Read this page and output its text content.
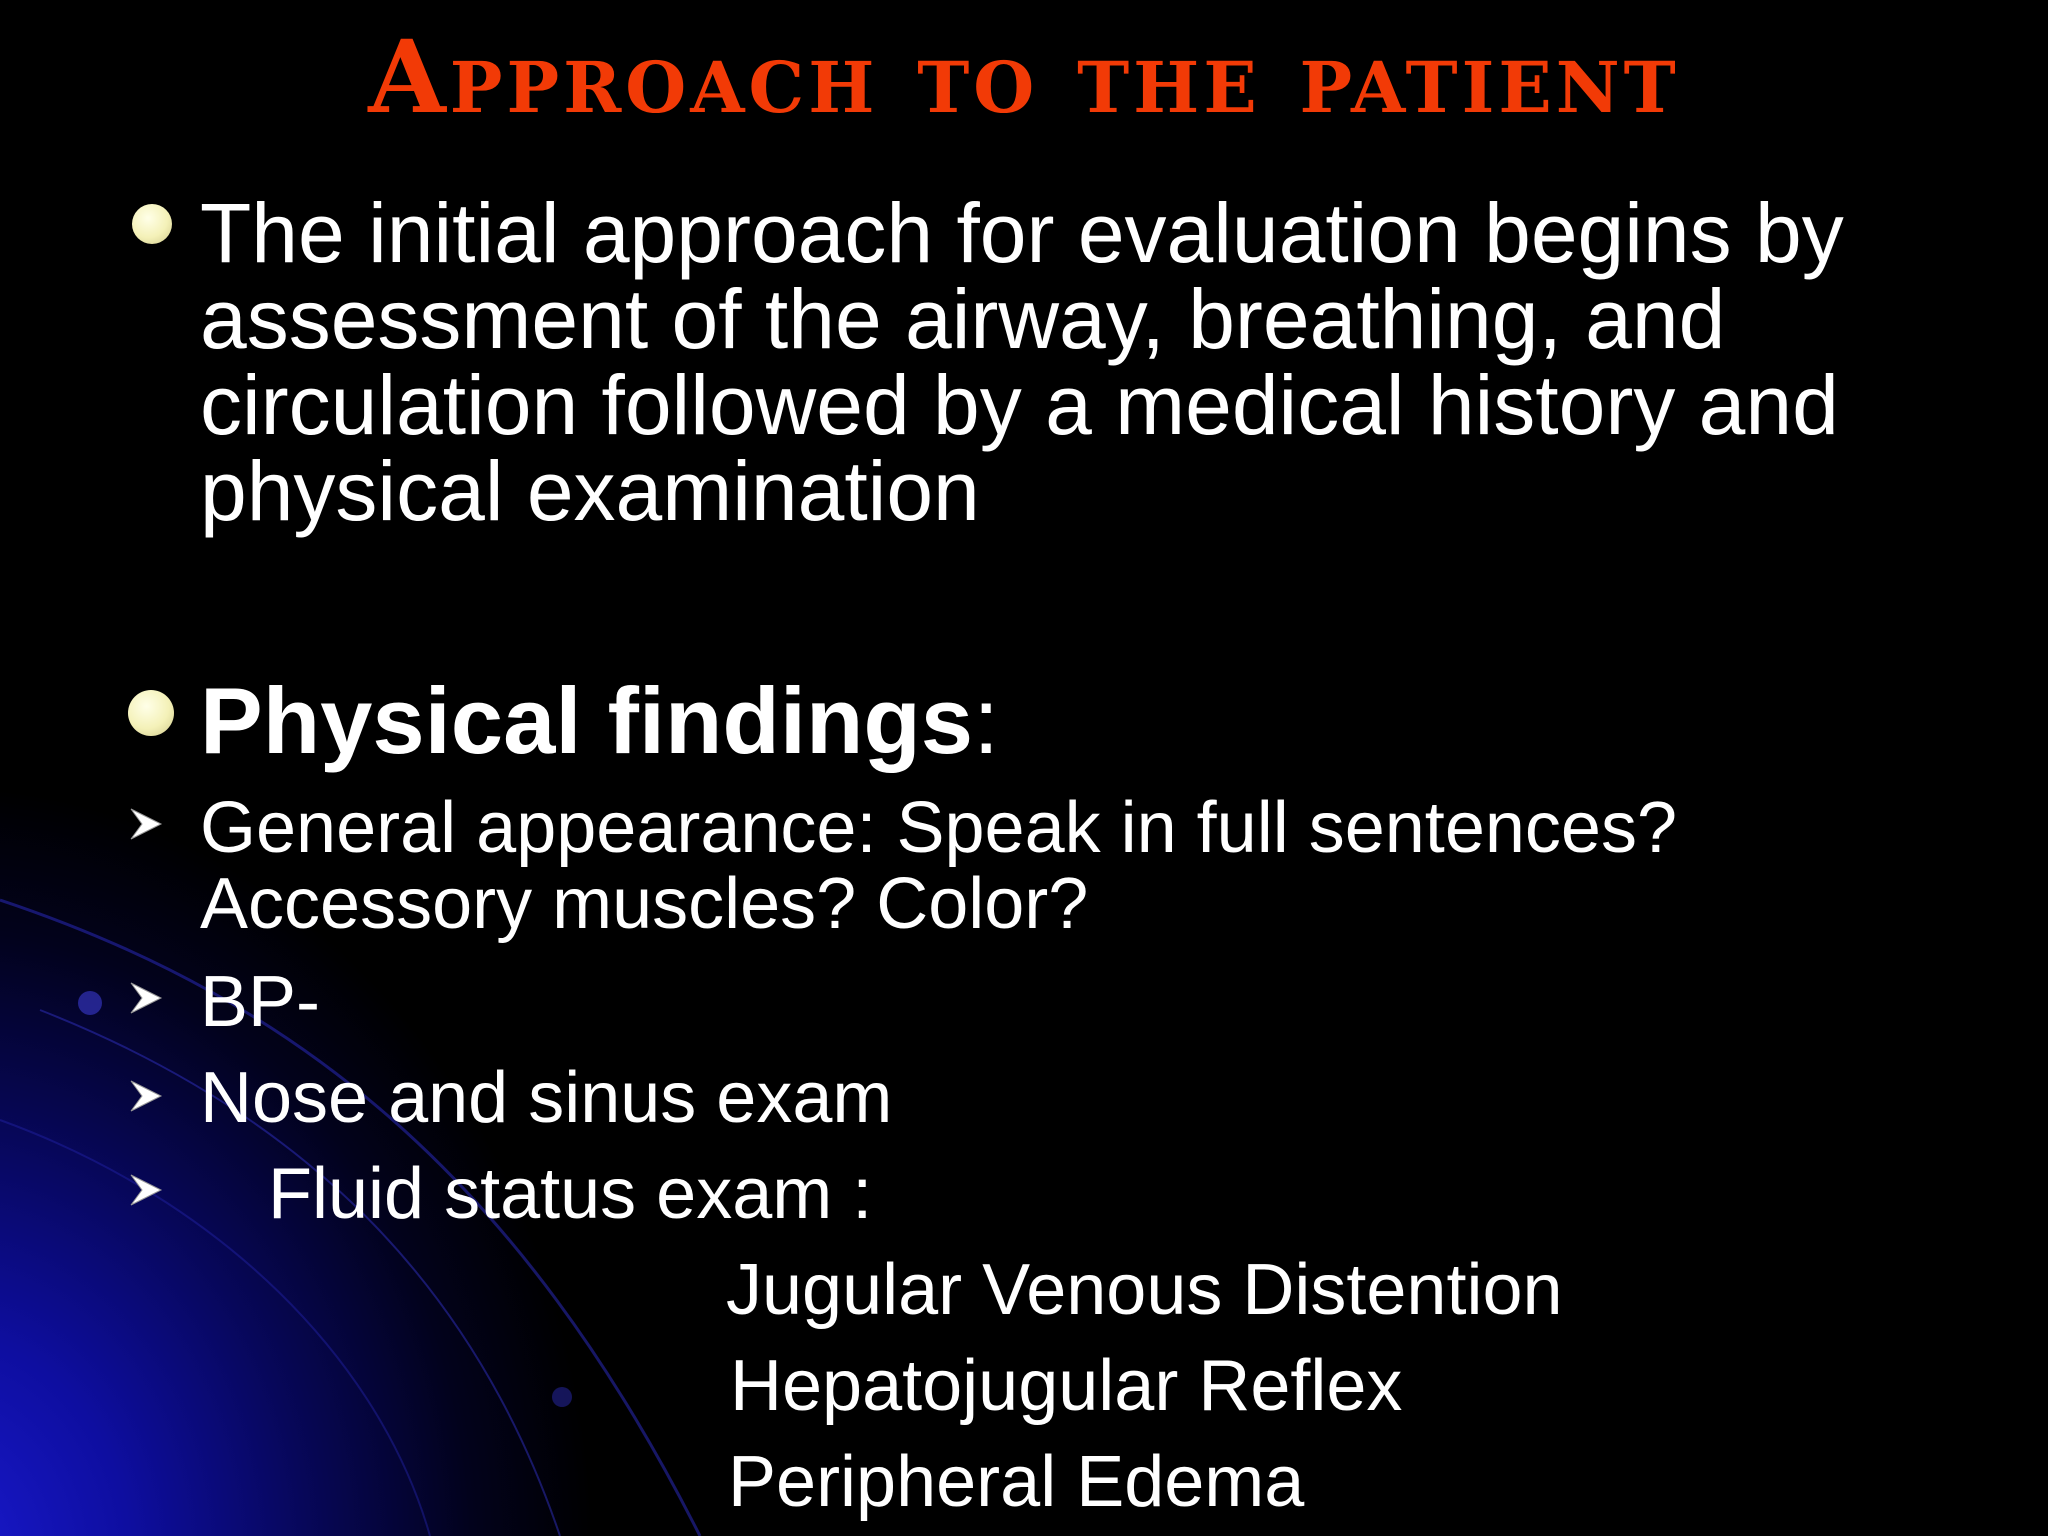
Approach to the patient
The initial approach for evaluation begins by
assessment of the airway, breathing, and
circulation followed by a medical history and
physical examination
Physical findings:
General appearance: Speak in full sentences?
Accessory muscles? Color?
BP-
Nose and sinus exam
Fluid status exam :
Jugular Venous Distention
Hepatojugular Reflex
Peripheral Edema
